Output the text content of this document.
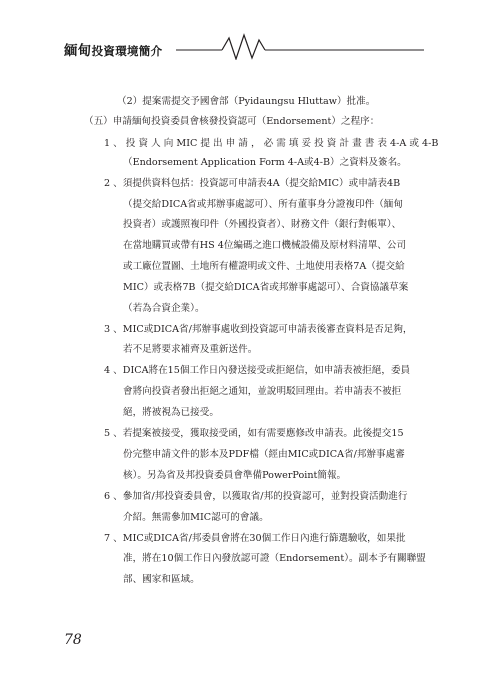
緬甸投資環境簡介
（2）提案需提交予國會部（Pyidaungsu Hluttaw）批准。
（五）申請緬甸投資委員會核發投資認可（Endorsement）之程序：
1 、 投 資 人 向 MIC 提 出 申 請 ， 必 需 填 妥 投 資 計 畫 書 表 4-A 或 4-B
（Endorsement Application Form 4-A或4-B）之資料及簽名。
2 、須提供資料包括：投資認可申請表4A（提交給MIC）或申請表4B
（提交給DICA省或邦辦事處認可）、所有董事身分證複印件（緬甸
投資者）或護照複印件（外國投資者）、財務文件（銀行對帳單）、
在當地購買或帶有HS 4位編碼之進口機械設備及原材料清單、公司
或工廠位置圖、土地所有權證明或文件、土地使用表格7A（提交給
MIC）或表格7B（提交給DICA省或邦辦事處認可）、合資協議草案
（若為合資企業）。
3 、MIC或DICA省/邦辦事處收到投資認可申請表後審查資料是否足夠，
若不足將要求補齊及重新送件。
4 、DICA將在15個工作日內發送接受或拒絕信，如申請表被拒絕，委員
會將向投資者發出拒絕之通知，並說明駁回理由。若申請表不被拒
絕，將被視為已接受。
5 、若提案被接受，獲取接受函，如有需要應修改申請表。此後提交15
份完整申請文件的影本及PDF檔（經由MIC或DICA省/邦辦事處審
核）。另為省及邦投資委員會準備PowerPoint簡報。
6 、參加省/邦投資委員會，以獲取省/邦的投資認可，並對投資活動進行
介紹。無需參加MIC認可的會議。
7 、MIC或DICA省/邦委員會將在30個工作日內進行篩選驗收，如果批
准，將在10個工作日內發放認可證（Endorsement）。副本予有關聯盟
部、國家和區域。
78
